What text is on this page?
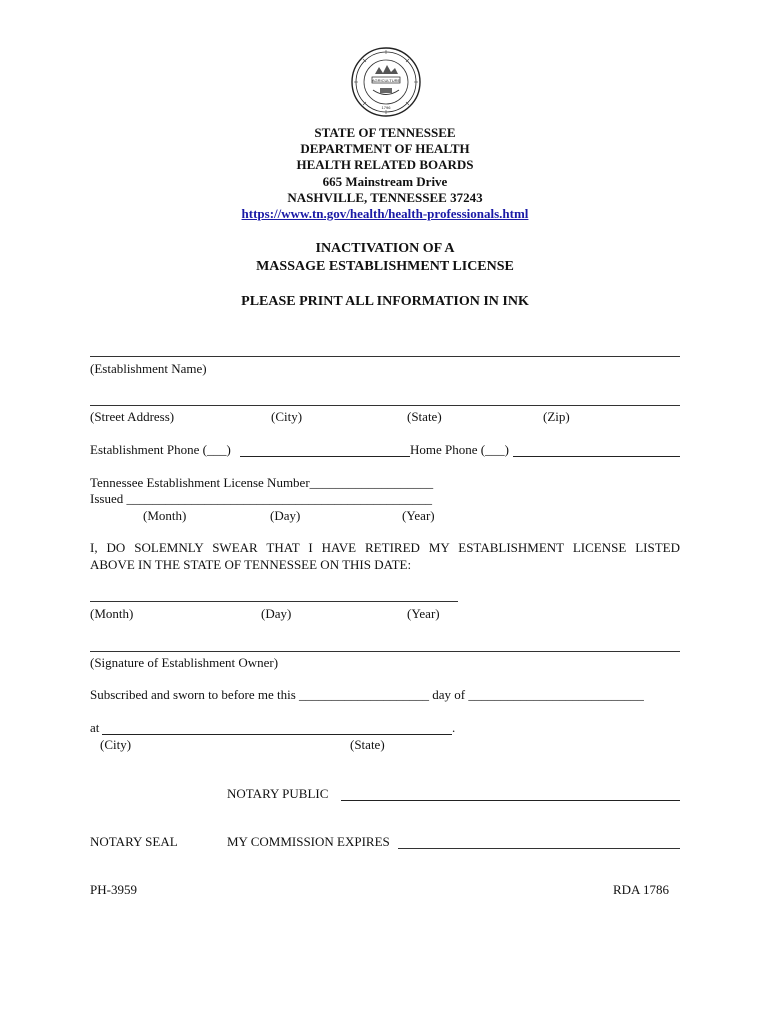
AGRICULTURE
1796
STATE OF TENNESSEE
DEPARTMENT OF HEALTH
HEALTH RELATED BOARDS
665 Mainstream Drive
NASHVILLE, TENNESSEE 37243
https://www.tn.gov/health/health-professionals.html
INACTIVATION OF A
MASSAGE ESTABLISHMENT LICENSE
PLEASE PRINT ALL INFORMATION IN INK
(Establishment Name)
(Street Address)	(City)	(State)	(Zip)
Establishment Phone (___)	Home Phone (___)
Tennessee Establishment License Number___________________
Issued _______________________________________________
(Month)	(Day)	(Year)
I, DO SOLEMNLY SWEAR THAT I HAVE RETIRED MY ESTABLISHMENT LICENSE LISTED
ABOVE IN THE STATE OF TENNESSEE ON THIS DATE:
(Month)	(Day)	(Year)
(Signature of Establishment Owner)
Subscribed and sworn to before me this ____________________ day of ___________________________
at	.
(City)	(State)
NOTARY PUBLIC
NOTARY SEAL	MY COMMISSION EXPIRES
PH-3959	RDA 1786
